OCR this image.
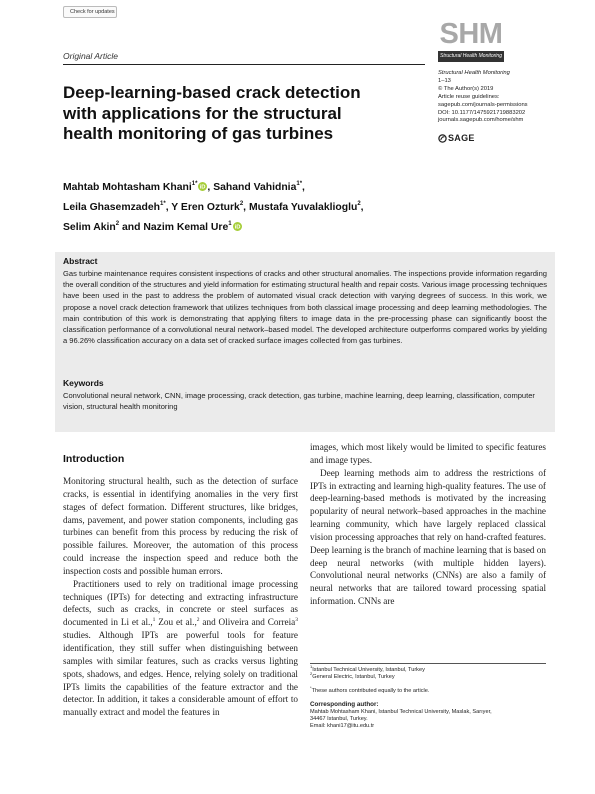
Check for updates
SHM
Structural Health Monitoring
Original Article
Structural Health Monitoring
1–13
© The Author(s) 2019
Article reuse guidelines:
sagepub.com/journals-permissions
DOI: 10.1177/1475921719883202
journals.sagepub.com/home/shm
SAGE
Deep-learning-based crack detection with applications for the structural health monitoring of gas turbines
Mahtab Mohtasham Khani$^{1*}$
iD , Sahand Vahidnia$^{1*}$,
Leila Ghasemzadeh$^{1*}$, Y Eren Ozturk$^2$, Mustafa Yuvalaklioglu$^2$,
Selim Akin$^2$ and Nazim Kemal Ure$^1$
iD
Abstract
Gas turbine maintenance requires consistent inspections of cracks and other structural anomalies. The inspections provide information regarding the overall condition of the structures and yield information for estimating structural health and repair costs. Various image processing techniques have been used in the past to address the problem of automated visual crack detection with varying degrees of success. In this work, we propose a novel crack detection framework that utilizes techniques from both classical image processing and deep learning methodologies. The main contribution of this work is demonstrating that applying filters to image data in the pre-processing phase can significantly boost the classification performance of a convolutional neural network–based model. The developed architecture outperforms compared works by yielding a 96.26% classification accuracy on a data set of cracked surface images collected from gas turbines.
Keywords
Convolutional neural network, CNN, image processing, crack detection, gas turbine, machine learning, deep learning, classification, computer vision, structural health monitoring
Introduction

Monitoring structural health, such as the detection of surface cracks, is essential in identifying anomalies in the very first stages of defect formation. Different structures, like bridges, dams, pavement, and power station components, including gas turbines can benefit from this process by reducing the risk of possible failures. Moreover, the automation of this process could increase the inspection speed and reduce both the inspection costs and possible human errors.

Practitioners used to rely on traditional image processing techniques (IPTs) for detecting and extracting infrastructure defects, such as cracks, in concrete or steel surfaces as documented in Li et al.,$^1$ Zou et al.,$^2$ and Oliveira and Correia$^3$ studies. Although IPTs are powerful tools for feature identification, they still suffer when distinguishing between samples with similar features, such as cracks versus lighting spots, shadows, and edges. Hence, relying solely on traditional IPTs limits the capabilities of the feature extractor and the detector. In addition, it takes a considerable amount of effort to manually extract and model the features in

images, which most likely would be limited to specific features and image types.

Deep learning methods aim to address the restrictions of IPTs in extracting and learning high-quality features. The use of deep-learning-based methods is motivated by the increasing popularity of neural network–based approaches in the machine learning community, which have largely replaced classical vision processing approaches that rely on hand-crafted features. Deep learning is the branch of machine learning that is based on deep neural networks (with multiple hidden layers). Convolutional neural networks (CNNs) are also a family of neural networks that are tailored toward processing spatial information. CNNs are

$^1$Istanbul Technical University, Istanbul, Turkey
$^2$General Electric, Istanbul, Turkey
*These authors contributed equally to the article.
Corresponding author:
Mahtab Mohtasham Khani, Istanbul Technical University, Maslak, Sarıyer,
34467 Istanbul, Turkey.
Email: khani17@itu.edu.tr
